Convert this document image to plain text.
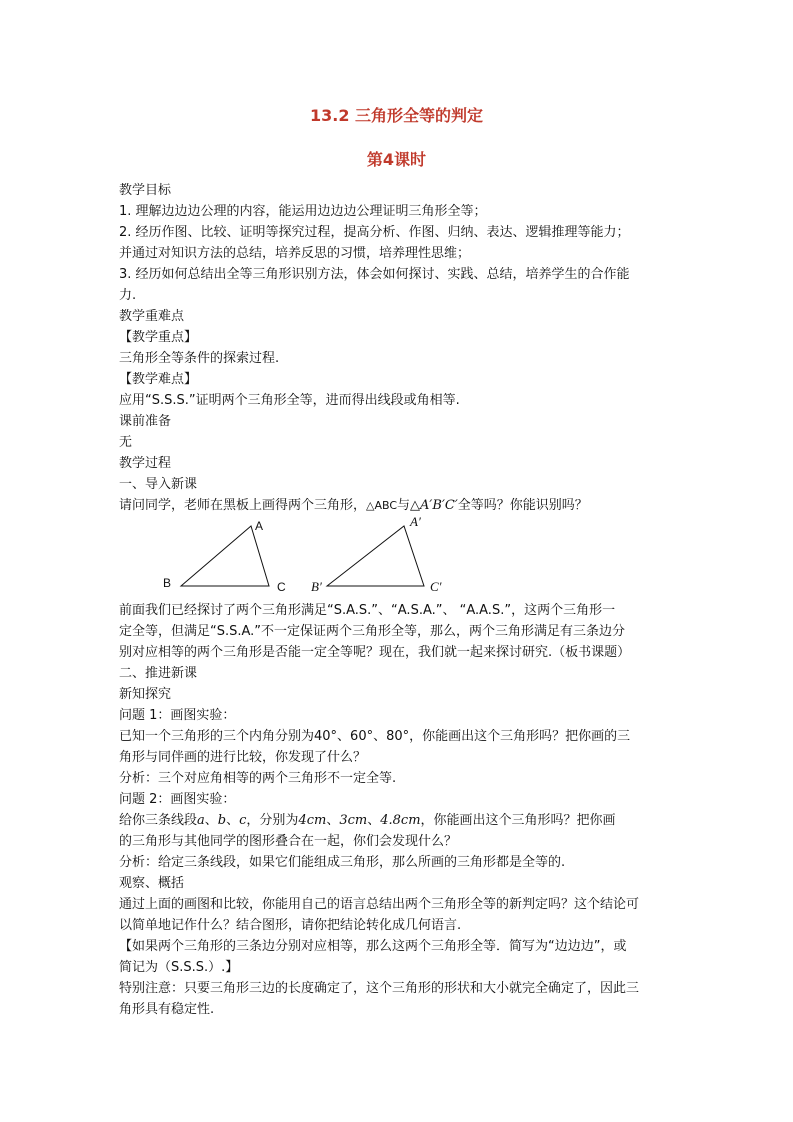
13.2 三角形全等的判定
第4课时

教学目标

1. 理解边边边公理的内容，能运用边边边公理证明三角形全等；

2. 经历作图、比较、证明等探究过程，提高分析、作图、归纳、表达、逻辑推理等能力；

并通过对知识方法的总结，培养反思的习惯，培养理性思维；

3. 经历如何总结出全等三角形识别方法，体会如何探讨、实践、总结，培养学生的合作能

力.

教学重难点

【教学重点】

三角形全等条件的探索过程.

【教学难点】

应用“S.S.S.”证明两个三角形全等，进而得出线段或角相等.

课前准备

无

教学过程

一、导入新课

请问同学，老师在黑板上画得两个三角形，△ABC与△A′B′C′全等吗？你能识别吗？

A
B	C
A′
B′	C′

前面我们已经探讨了两个三角形满足“S.A.S.”、“A.S.A.”、 “A.A.S.”，这两个三角形一

定全等，但满足“S.S.A.”不一定保证两个三角形全等，那么，两个三角形满足有三条边分

别对应相等的两个三角形是否能一定全等呢？现在，我们就一起来探讨研究.（板书课题）

二、推进新课

新知探究

问题 1：画图实验：

已知一个三角形的三个内角分别为40°、60°、80°，你能画出这个三角形吗？把你画的三

角形与同伴画的进行比较，你发现了什么？

分析：三个对应角相等的两个三角形不一定全等.

问题 2：画图实验：

给你三条线段a、b、c，分别为4cm、3cm、4.8cm，你能画出这个三角形吗？把你画

的三角形与其他同学的图形叠合在一起，你们会发现什么？

分析：给定三条线段，如果它们能组成三角形，那么所画的三角形都是全等的.

观察、概括

通过上面的画图和比较，你能用自己的语言总结出两个三角形全等的新判定吗？这个结论可

以简单地记作什么？结合图形，请你把结论转化成几何语言.

【如果两个三角形的三条边分别对应相等，那么这两个三角形全等．简写为“边边边”，或

简记为（S.S.S.）.】

特别注意：只要三角形三边的长度确定了，这个三角形的形状和大小就完全确定了，因此三

角形具有稳定性.
